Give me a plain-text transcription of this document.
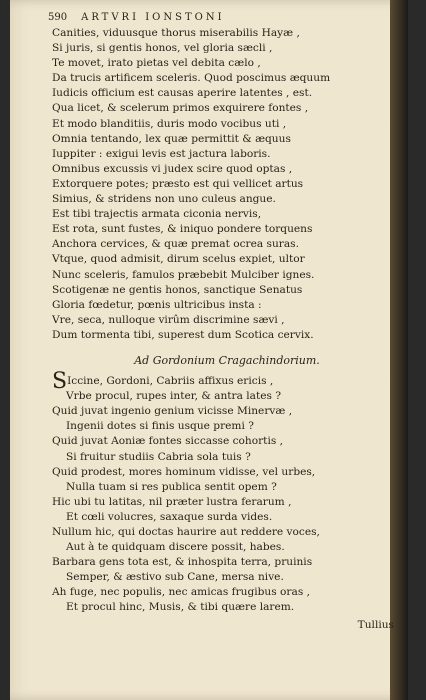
590 ARTVRI IONSTONI
Canities, viduusque thorus miserabilis Hayæ ,
Si juris, si gentis honos, vel gloria sæcli ,
Te movet, irato pietas vel debita cælo ,
Da trucis artificem sceleris. Quod poscimus æquum
Iudicis officium est causas aperire latentes , est.
Qua licet, & scelerum primos exquirere fontes ,
Et modo blanditiis, duris modo vocibus uti ,
Omnia tentando, lex quæ permittit & æquus
Iuppiter : exigui levis est jactura laboris.
Omnibus excussis vi judex scire quod optas ,
Extorquere potes; præsto est qui vellicet artus
Simius, & stridens non uno culeus angue.
Est tibi trajectis armata ciconia nervis,
Est rota, sunt fustes, & iniquo pondere torquens
Anchora cervices, & quæ premat ocrea suras.
Vtque, quod admisit, dirum scelus expiet, ultor
Nunc sceleris, famulos præbebit Mulciber ignes.
Scotigenæ ne gentis honos, sanctique Senatus
Gloria fœdetur, pœnis ultricibus insta :
Vre, seca, nulloque virûm discrimine sævi ,
Dum tormenta tibi, superest dum Scotica cervix.
Ad Gordonium Cragachindorium.
SIccine, Gordoni, Cabriis affixus ericis ,
Vrbe procul, rupes inter, & antra lates ?
Quid juvat ingenio genium vicisse Minervæ ,
Ingenii dotes si finis usque premi ?
Quid juvat Aoniæ fontes siccasse cohortis ,
Si fruitur studiis Cabria sola tuis ?
Quid prodest, mores hominum vidisse, vel urbes,
Nulla tuam si res publica sentit opem ?
Hic ubi tu latitas, nil præter lustra ferarum ,
Et cœli volucres, saxaque surda vides.
Nullum hic, qui doctas haurire aut reddere voces,
Aut à te quidquam discere possit, habes.
Barbara gens tota est, & inhospita terra, pruinis
Semper, & æstivo sub Cane, mersa nive.
Ah fuge, nec populis, nec amicas frugibus oras ,
Et procul hinc, Musis, & tibi quære larem.
Tullius
